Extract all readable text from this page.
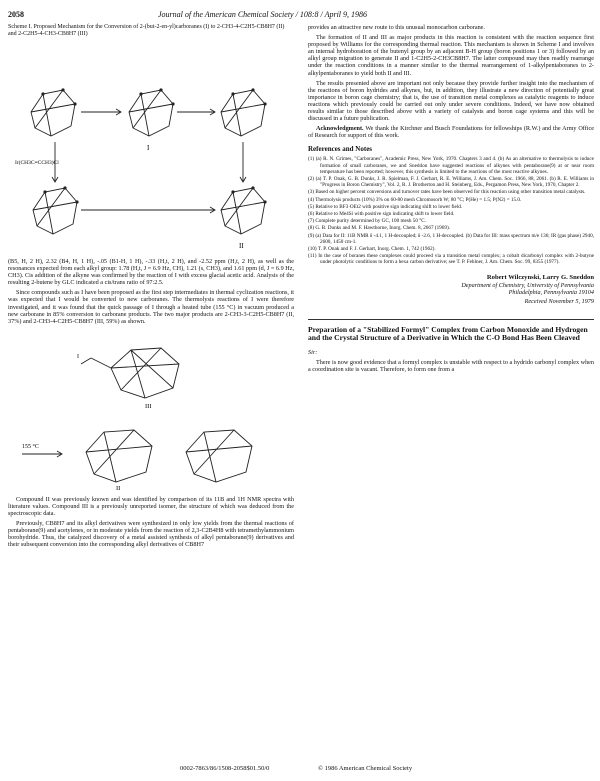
2058	Journal of the American Chemical Society / 108:8 / April 9, 1986
Scheme I. Proposed Mechanism for the Conversion of 2-(but-2-en-yl)carboranes (I) to 2-CH3-4-C2H5-CB8H7 (II) and 2-C2H5-4-CH3-CB8H7 (III)
I
II
Ir(CH3C≡CCH3)Cl

(B5, H, 2 H), 2.32 (B4, H, 1 H), -.05 (B1-H, 1 H), -.33 (H,t, 2 H), and -2.52 ppm (H,t, 2 H), as well as the resonances expected from each alkyl group: 1.78 (H,t, J = 6.9 Hz, CH), 1.21 (s, CH3), and 1.61 ppm (d, J = 6.9 Hz, CH3). Cis addition of the alkyne was confirmed by the reaction of I with excess glacial acetic acid. Analysis of the resulting 2-butene by GLC indicated a cis/trans ratio of 97:2.5.

Since compounds such as I have been proposed as the first step intermediates in thermal cyclization reactions, it was expected that I would be converted to new carboranes. The thermolysis reactions of I were therefore investigated, and it was found that the quick passage of I through a heated tube (155 °C) in vacuum produced a new carborane in 85% conversion to carborane products. The two major products are 2-CH3-3-C2H5-CB8H7 (II, 37%) and 2-CH3-4-C2H5-CB8H7 (III, 59%) as shown.

I
III
155 °C
II

Compound II was previously known and was identified by comparison of its 11B and 1H NMR spectra with literature values. Compound III is a previously unreported isomer, the structure of which was deduced from the spectroscopic data.

Previously, CB8H7 and its alkyl derivatives were synthesized in only low yields from the thermal reactions of pentaborane(9) and acetylenes, or in moderate yields from the reaction of 2,3-C2B4H8 with tetramethylammonium borohydride. Thus, the catalyzed discovery of a metal assisted synthesis of alkyl pentaborane(9) derivatives and their subsequent conversion into the corresponding alkyl derivatives of CB8H7

provides an attractive new route to this unusual monocarbon carborane.

The formation of II and III as major products in this reaction is consistent with the reaction sequence first proposed by Williams for the corresponding thermal reaction. This mechanism is shown in Scheme I and involves an internal hydroboration of the butenyl group by an adjacent B-H group (boron positions 1 or 3) followed by an alkyl group migration to generate II and 1-C2H5-2-CH3CB8H7. The latter compound may then readily rearrange under the reaction conditions in a manner similar to the thermal rearrangement of 1-alkylpentaboranes to 2-alkylpentaboranes to yield both II and III.

The results presented above are important not only because they provide further insight into the mechanism of the reactions of boron hydrides and alkynes, but, in addition, they illustrate a new direction of potentially great importance in boron cage chemistry; that is, the use of transition metal complexes as catalytic reagents to induce reactions which previously could be carried out only under severe conditions. Indeed, we have now obtained results similar to those described above with a variety of catalysts and boron cage systems and this will be discussed in a future publication.

Acknowledgment. We thank the Kirchner and Busch Foundations for fellowships (R.W.) and the Army Office of Research for support of this work.

References and Notes

(1) (a) R. N. Grimes, "Carboranes", Academic Press, New York, 1970. Chapters 3 and 4. (b) As an alternative to thermolysis to induce formation of small carboranes, we and Sneddon have suggested reactions of alkynes with pentaborane(9) at or near room temperature has been reported; however, this synthesis is limited to the reactions of the most reactive alkynes.

(2) (a) T. P. Onak, G. B. Dunks, J. R. Spielman, F. J. Gerhart, R. E. Williams, J. Am. Chem. Soc. 1966, 88, 2061. (b) R. E. Williams in "Progress in Boron Chemistry", Vol. 2, R. J. Brotherton and H. Steinberg, Eds., Pergamon Press, New York, 1970, Chapter 2.

(3) Based on higher percent conversions and turnover rates have been observed for this reaction using other transition metal catalysts.

(4) Thermolysis products (10%) 3% on 60-80 mesh Chromosorb W; 80 °C; P(He) = 1.5; P(N2) = 15.0.

(5) Relative to BF3·OEt2 with positive sign indicating shift to lower field.

(6) Relative to Me4Si with positive sign indicating shift to lower field.

(7) Complete purity determined by GC, 100 mesh 50 °C.

(8) G. B. Dunks and M. F. Hawthorne, Inorg. Chem. 8, 2667 (1969).

(9) (a) Data for II: 11B NMR δ -4.1, 1 H-decoupled; δ -2.6, 1 H-decoupled. (b) Data for III: mass spectrum m/e 136; IR (gas phase) 2940, 2600, 1450 cm-1.

(10) T. P. Onak and F. J. Gerhart, Inorg. Chem. 1, 742 (1962).

(11) In the case of boranes these complexes could proceed via a transition metal complex; a cobalt dicarbonyl complex with 2-butyne under photolytic conditions to form a hexa carbon derivative; see T. P. Fehlner, J. Am. Chem. Soc. 99, 8355 (1977).

Robert Wilczynski, Larry G. Sneddon

Department of Chemistry, University of Pennsylvania

Philadelphia, Pennsylvania 19104

Received November 5, 1979

Preparation of a "Stabilized Formyl" Complex from Carbon Monoxide and Hydrogen and the Crystal Structure of a Derivative in Which the C-O Bond Has Been Cleaved
Sir:

There is now good evidence that a formyl complex is unstable with respect to a hydrido carbonyl complex when a coordination site is vacant. Therefore, to form one from a

0002-7863/86/1508-2058$01.50/0	© 1986 American Chemical Society
